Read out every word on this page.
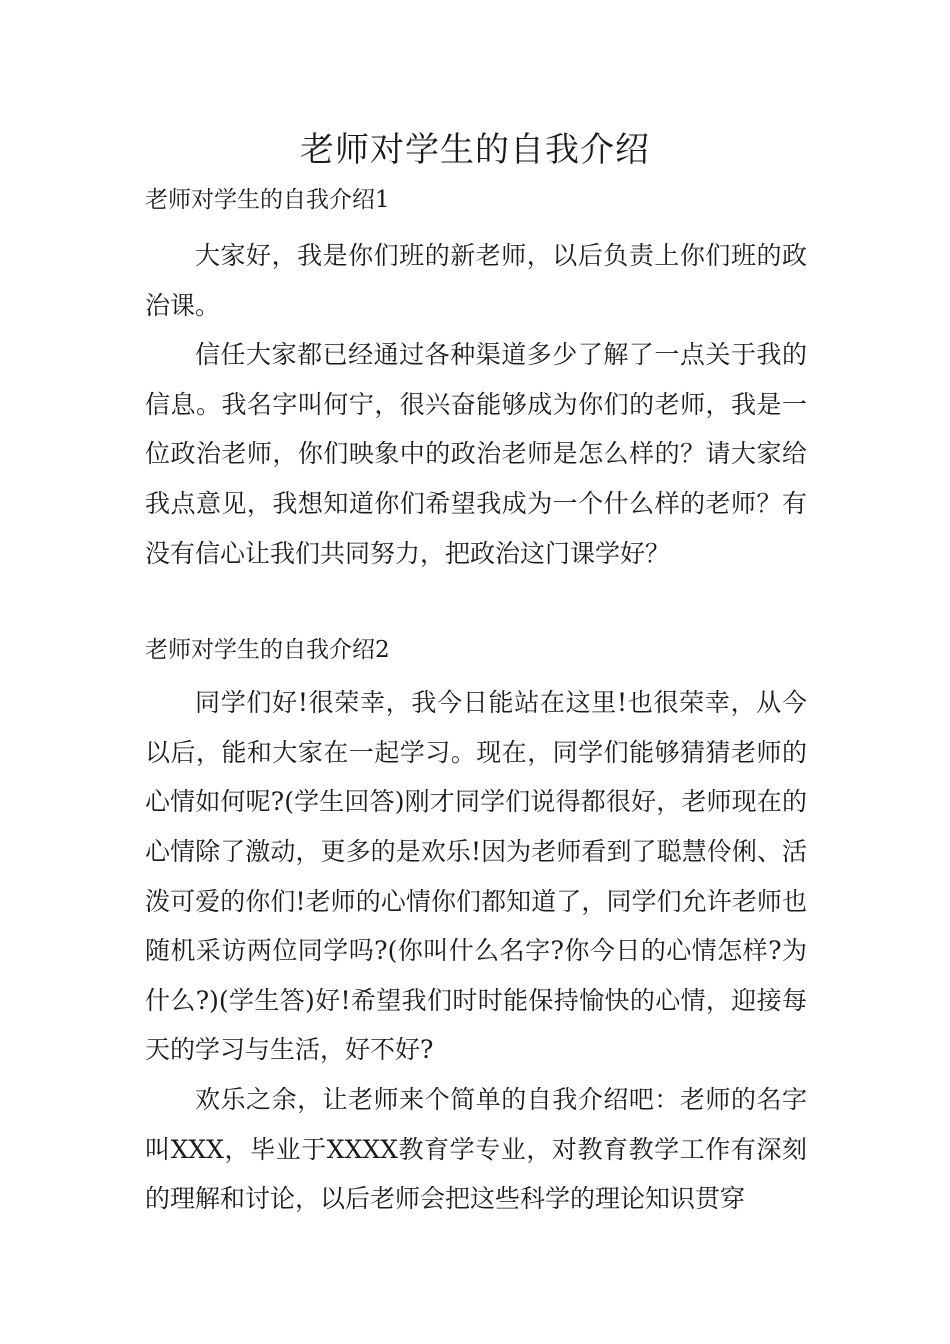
老师对学生的自我介绍
老师对学生的自我介绍1

大家好，我是你们班的新老师，以后负责上你们班的政治课。

信任大家都已经通过各种渠道多少了解了一点关于我的信息。我名字叫何宁，很兴奋能够成为你们的老师，我是一位政治老师，你们映象中的政治老师是怎么样的？请大家给我点意见，我想知道你们希望我成为一个什么样的老师？有没有信心让我们共同努力，把政治这门课学好？

老师对学生的自我介绍2

同学们好!很荣幸，我今日能站在这里!也很荣幸，从今以后，能和大家在一起学习。现在，同学们能够猜猜老师的心情如何呢?(学生回答)刚才同学们说得都很好，老师现在的心情除了激动，更多的是欢乐!因为老师看到了聪慧伶俐、活泼可爱的你们!老师的心情你们都知道了，同学们允许老师也随机采访两位同学吗?(你叫什么名字?你今日的心情怎样?为什么?)(学生答)好!希望我们时时能保持愉快的心情，迎接每天的学习与生活，好不好?

欢乐之余，让老师来个简单的自我介绍吧：老师的名字叫XXX，毕业于XXXX教育学专业，对教育教学工作有深刻的理解和讨论，以后老师会把这些科学的理论知识贯穿
